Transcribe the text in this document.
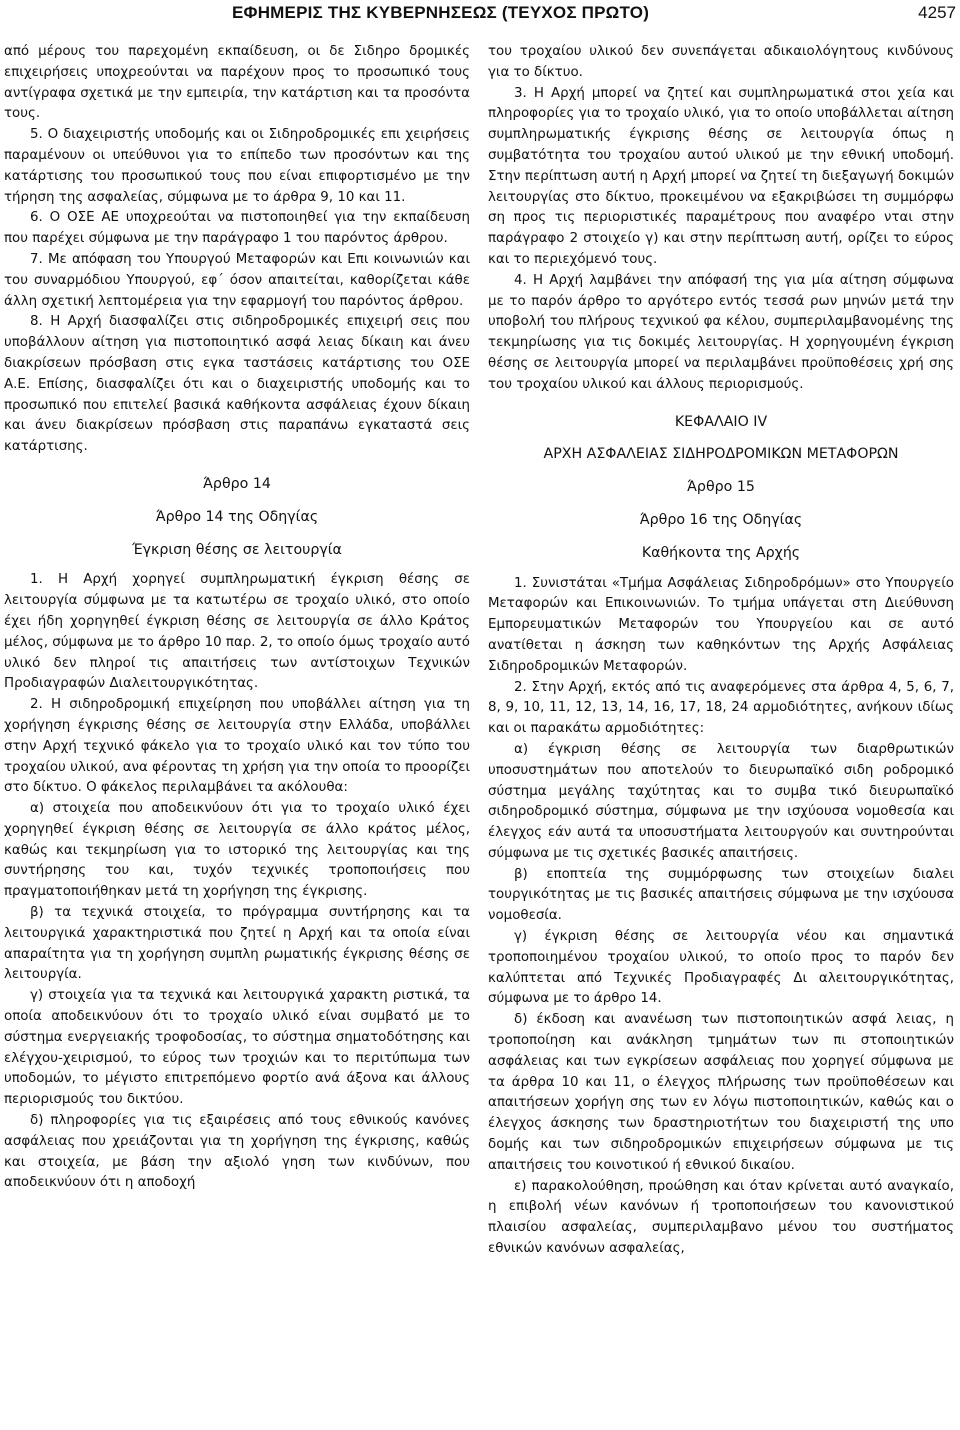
ΕΦΗΜΕΡΙΣ ΤΗΣ ΚΥΒΕΡΝΗΣΕΩΣ (ΤΕΥΧΟΣ ΠΡΩΤΟ)	4257

από μέρους του παρεχομένη εκπαίδευση, οι δε Σιδηρο δρομικές επιχειρήσεις υποχρεούνται να παρέχουν προς το προσωπικό τους αντίγραφα σχετικά με την εμπειρία, την κατάρτιση και τα προσόντα τους.

5. Ο διαχειριστής υποδομής και οι Σιδηροδρομικές επι χειρήσεις παραμένουν οι υπεύθυνοι για το επίπεδο των προσόντων και της κατάρτισης του προσωπικού τους που είναι επιφορτισμένο με την τήρηση της ασφαλείας, σύμφωνα με το άρθρα 9, 10 και 11.

6. Ο ΟΣΕ ΑΕ υποχρεούται να πιστοποιηθεί για την εκπαίδευση που παρέχει σύμφωνα με την παράγραφο 1 του παρόντος άρθρου.

7. Με απόφαση του Υπουργού Μεταφορών και Επι κοινωνιών και του συναρμόδιου Υπουργού, εφ΄ όσον απαιτείται, καθορίζεται κάθε άλλη σχετική λεπτομέρεια για την εφαρμογή του παρόντος άρθρου.

8. Η Αρχή διασφαλίζει στις σιδηροδρομικές επιχειρή σεις που υποβάλλουν αίτηση για πιστοποιητικό ασφά λειας δίκαιη και άνευ διακρίσεων πρόσβαση στις εγκα ταστάσεις κατάρτισης του ΟΣΕ Α.Ε. Επίσης, διασφαλίζει ότι και ο διαχειριστής υποδομής και το προσωπικό που επιτελεί βασικά καθήκοντα ασφάλειας έχουν δίκαιη και άνευ διακρίσεων πρόσβαση στις παραπάνω εγκαταστά σεις κατάρτισης.

Άρθρο 14
Άρθρο 14 της Οδηγίας
Έγκριση θέσης σε λειτουργία

1. Η Αρχή χορηγεί συμπληρωματική έγκριση θέσης σε λειτουργία σύμφωνα με τα κατωτέρω σε τροχαίο υλικό, στο οποίο έχει ήδη χορηγηθεί έγκριση θέσης σε λειτουργία σε άλλο Κράτος μέλος, σύμφωνα με το άρθρο 10 παρ. 2, το οποίο όμως τροχαίο αυτό υλικό δεν πληροί τις απαιτήσεις των αντίστοιχων Τεχνικών Προδιαγραφών Διαλειτουργικότητας.

2. Η σιδηροδρομική επιχείρηση που υποβάλλει αίτηση για τη χορήγηση έγκρισης θέσης σε λειτουργία στην Ελλάδα, υποβάλλει στην Αρχή τεχνικό φάκελο για το τροχαίο υλικό και τον τύπο του τροχαίου υλικού, ανα φέροντας τη χρήση για την οποία το προορίζει στο δίκτυο. Ο φάκελος περιλαμβάνει τα ακόλουθα:

α) στοιχεία που αποδεικνύουν ότι για το τροχαίο υλικό έχει χορηγηθεί έγκριση θέσης σε λειτουργία σε άλλο κράτος μέλος, καθώς και τεκμηρίωση για το ιστορικό της λειτουργίας και της συντήρησης του και, τυχόν τεχνικές τροποποιήσεις που πραγματοποιήθηκαν μετά τη χορήγηση της έγκρισης.

β) τα τεχνικά στοιχεία, το πρόγραμμα συντήρησης και τα λειτουργικά χαρακτηριστικά που ζητεί η Αρχή και τα οποία είναι απαραίτητα για τη χορήγηση συμπλη ρωματικής έγκρισης θέσης σε λειτουργία.

γ) στοιχεία για τα τεχνικά και λειτουργικά χαρακτη ριστικά, τα οποία αποδεικνύουν ότι το τροχαίο υλικό είναι συμβατό με το σύστημα ενεργειακής τροφοδοσίας, το σύστημα σηματοδότησης και ελέγχου-χειρισμού, το εύρος των τροχιών και το περιτύπωμα των υποδομών, το μέγιστο επιτρεπόμενο φορτίο ανά άξονα και άλλους περιορισμούς του δικτύου.

δ) πληροφορίες για τις εξαιρέσεις από τους εθνικούς κανόνες ασφάλειας που χρειάζονται για τη χορήγηση της έγκρισης, καθώς και στοιχεία, με βάση την αξιολό γηση των κινδύνων, που αποδεικνύουν ότι η αποδοχή

του τροχαίου υλικού δεν συνεπάγεται αδικαιολόγητους κινδύνους για το δίκτυο.

3. Η Αρχή μπορεί να ζητεί και συμπληρωματικά στοι χεία και πληροφορίες για το τροχαίο υλικό, για το οποίο υποβάλλεται αίτηση συμπληρωματικής έγκρισης θέσης σε λειτουργία όπως η συμβατότητα του τροχαίου αυτού υλικού με την εθνική υποδομή. Στην περίπτωση αυτή η Αρχή μπορεί να ζητεί τη διεξαγωγή δοκιμών λειτουργίας στο δίκτυο, προκειμένου να εξακριβώσει τη συμμόρφω ση προς τις περιοριστικές παραμέτρους που αναφέρο νται στην παράγραφο 2 στοιχείο γ) και στην περίπτωση αυτή, ορίζει το εύρος και το περιεχόμενό τους.

4. Η Αρχή λαμβάνει την απόφασή της για μία αίτηση σύμφωνα με το παρόν άρθρο το αργότερο εντός τεσσά ρων μηνών μετά την υποβολή του πλήρους τεχνικού φα κέλου, συμπεριλαμβανομένης της τεκμηρίωσης για τις δοκιμές λειτουργίας. Η χορηγουμένη έγκριση θέσης σε λειτουργία μπορεί να περιλαμβάνει προϋποθέσεις χρή σης του τροχαίου υλικού και άλλους περιορισμούς.

ΚΕΦΑΛΑΙΟ IV
ΑΡΧΗ ΑΣΦΑΛΕΙΑΣ ΣΙΔΗΡΟΔΡΟΜΙΚΩΝ ΜΕΤΑΦΟΡΩΝ
Άρθρο 15
Άρθρο 16 της Οδηγίας
Καθήκοντα της Αρχής

1. Συνιστάται «Τμήμα Ασφάλειας Σιδηροδρόμων» στο Υπουργείο Μεταφορών και Επικοινωνιών. Το τμήμα υπάγεται στη Διεύθυνση Εμπορευματικών Μεταφορών του Υπουργείου και σε αυτό ανατίθεται η άσκηση των καθηκόντων της Αρχής Ασφάλειας Σιδηροδρομικών Μεταφορών.

2. Στην Αρχή, εκτός από τις αναφερόμενες στα άρθρα 4, 5, 6, 7, 8, 9, 10, 11, 12, 13, 14, 16, 17, 18, 24 αρμοδιότητες, ανήκουν ιδίως και οι παρακάτω αρμοδιότητες:

α) έγκριση θέσης σε λειτουργία των διαρθρωτικών υποσυστημάτων που αποτελούν το διευρωπαϊκό σιδη ροδρομικό σύστημα μεγάλης ταχύτητας και το συμβα τικό διευρωπαϊκό σιδηροδρομικό σύστημα, σύμφωνα με την ισχύουσα νομοθεσία και έλεγχος εάν αυτά τα υποσυστήματα λειτουργούν και συντηρούνται σύμφωνα με τις σχετικές βασικές απαιτήσεις.

β) εποπτεία της συμμόρφωσης των στοιχείων διαλει τουργικότητας με τις βασικές απαιτήσεις σύμφωνα με την ισχύουσα νομοθεσία.

γ) έγκριση θέσης σε λειτουργία νέου και σημαντικά τροποποιημένου τροχαίου υλικού, το οποίο προς το παρόν δεν καλύπτεται από Τεχνικές Προδιαγραφές Δι αλειτουργικότητας, σύμφωνα με το άρθρο 14.

δ) έκδοση και ανανέωση των πιστοποιητικών ασφά λειας, η τροποποίηση και ανάκληση τμημάτων των πι στοποιητικών ασφάλειας και των εγκρίσεων ασφάλειας που χορηγεί σύμφωνα με τα άρθρα 10 και 11, ο έλεγχος πλήρωσης των προϋποθέσεων και απαιτήσεων χορήγη σης των εν λόγω πιστοποιητικών, καθώς και ο έλεγχος άσκησης των δραστηριοτήτων του διαχειριστή της υπο δομής και των σιδηροδρομικών επιχειρήσεων σύμφωνα με τις απαιτήσεις του κοινοτικού ή εθνικού δικαίου.

ε) παρακολούθηση, προώθηση και όταν κρίνεται αυτό αναγκαίο, η επιβολή νέων κανόνων ή τροποποιήσεων του κανονιστικού πλαισίου ασφαλείας, συμπεριλαμβανο μένου του συστήματος εθνικών κανόνων ασφαλείας,
